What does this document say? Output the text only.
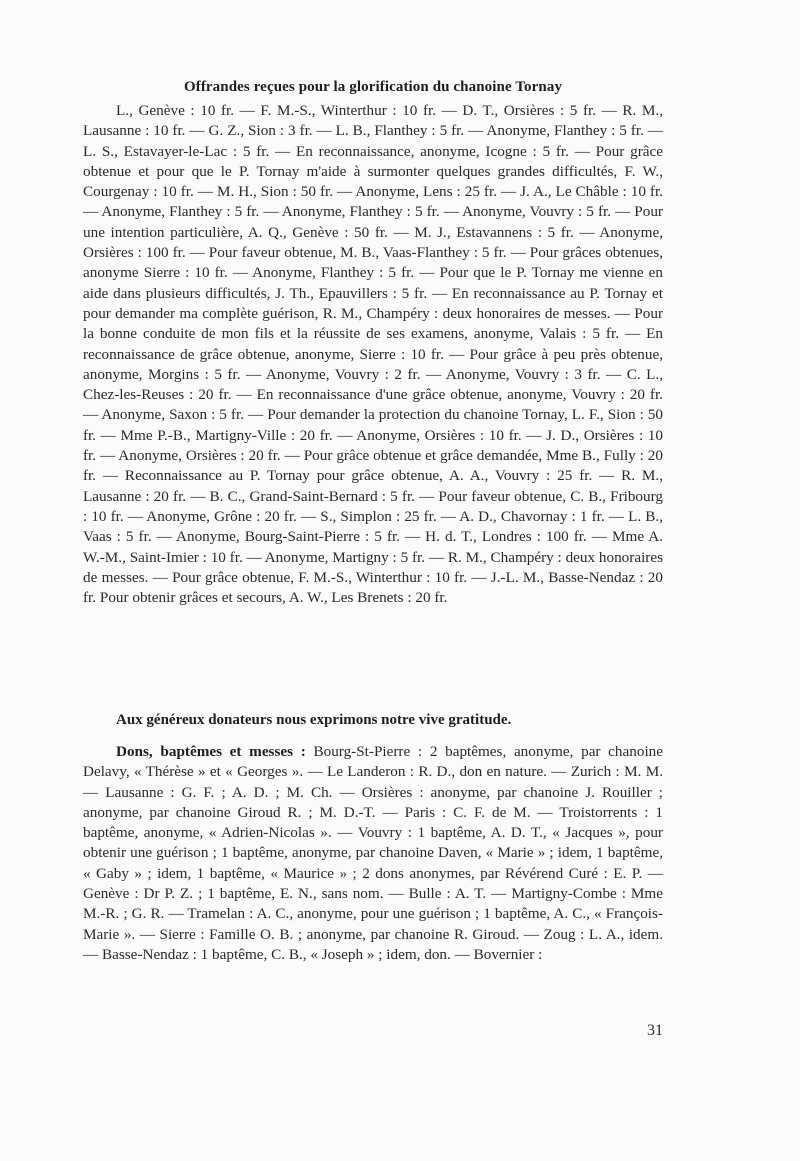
Offrandes reçues pour la glorification du chanoine Tornay

L., Genève : 10 fr. — F. M.-S., Winterthur : 10 fr. — D. T., Orsières : 5 fr. — R. M., Lausanne : 10 fr. — G. Z., Sion : 3 fr. — L. B., Flanthey : 5 fr. — Anonyme, Flanthey : 5 fr. — L. S., Estavayer-le-Lac : 5 fr. — En reconnaissance, anonyme, Icogne : 5 fr. — Pour grâce obtenue et pour que le P. Tornay m'aide à surmonter quelques grandes difficultés, F. W., Courgenay : 10 fr. — M. H., Sion : 50 fr. — Anonyme, Lens : 25 fr. — J. A., Le Châble : 10 fr. — Anonyme, Flanthey : 5 fr. — Anonyme, Flanthey : 5 fr. — Anonyme, Vouvry : 5 fr. — Pour une intention particulière, A. Q., Genève : 50 fr. — M. J., Estavannens : 5 fr. — Anonyme, Orsières : 100 fr. — Pour faveur obtenue, M. B., Vaas-Flanthey : 5 fr. — Pour grâces obtenues, anonyme Sierre : 10 fr. — Anonyme, Flanthey : 5 fr. — Pour que le P. Tornay me vienne en aide dans plusieurs difficultés, J. Th., Epauvillers : 5 fr. — En reconnaissance au P. Tornay et pour demander ma complète guérison, R. M., Champéry : deux honoraires de messes. — Pour la bonne conduite de mon fils et la réussite de ses examens, anonyme, Valais : 5 fr. — En reconnaissance de grâce obtenue, anonyme, Sierre : 10 fr. — Pour grâce à peu près obtenue, anonyme, Morgins : 5 fr. — Anonyme, Vouvry : 2 fr. — Anonyme, Vouvry : 3 fr. — C. L., Chez-les-Reuses : 20 fr. — En reconnaissance d'une grâce obtenue, anonyme, Vouvry : 20 fr. — Anonyme, Saxon : 5 fr. — Pour demander la protection du chanoine Tornay, L. F., Sion : 50 fr. — Mme P.-B., Martigny-Ville : 20 fr. — Anonyme, Orsières : 10 fr. — J. D., Orsières : 10 fr. — Anonyme, Orsières : 20 fr. — Pour grâce obtenue et grâce demandée, Mme B., Fully : 20 fr. — Reconnaissance au P. Tornay pour grâce obtenue, A. A., Vouvry : 25 fr. — R. M., Lausanne : 20 fr. — B. C., Grand-Saint-Bernard : 5 fr. — Pour faveur obtenue, C. B., Fribourg : 10 fr. — Anonyme, Grône : 20 fr. — S., Simplon : 25 fr. — A. D., Chavornay : 1 fr. — L. B., Vaas : 5 fr. — Anonyme, Bourg-Saint-Pierre : 5 fr. — H. d. T., Londres : 100 fr. — Mme A. W.-M., Saint-Imier : 10 fr. — Anonyme, Martigny : 5 fr. — R. M., Champéry : deux honoraires de messes. — Pour grâce obtenue, F. M.-S., Winterthur : 10 fr. — J.-L. M., Basse-Nendaz : 20 fr. Pour obtenir grâces et secours, A. W., Les Brenets : 20 fr.

Aux généreux donateurs nous exprimons notre vive gratitude.

Dons, baptêmes et messes : Bourg-St-Pierre : 2 baptêmes, anonyme, par chanoine Delavy, « Thérèse » et « Georges ». — Le Landeron : R. D., don en nature. — Zurich : M. M. — Lausanne : G. F. ; A. D. ; M. Ch. — Orsières : anonyme, par chanoine J. Rouiller ; anonyme, par chanoine Giroud R. ; M. D.-T. — Paris : C. F. de M. — Troistorrents : 1 baptême, anonyme, « Adrien-Nicolas ». — Vouvry : 1 baptême, A. D. T., « Jacques », pour obtenir une guérison ; 1 baptême, anonyme, par chanoine Daven, « Marie » ; idem, 1 baptême, « Gaby » ; idem, 1 baptême, « Maurice » ; 2 dons anonymes, par Révérend Curé : E. P. — Genève : Dr P. Z. ; 1 baptême, E. N., sans nom. — Bulle : A. T. — Martigny-Combe : Mme M.-R. ; G. R. — Tramelan : A. C., anonyme, pour une guérison ; 1 baptême, A. C., « François-Marie ». — Sierre : Famille O. B. ; anonyme, par chanoine R. Giroud. — Zoug : L. A., idem. — Basse-Nendaz : 1 baptême, C. B., « Joseph » ; idem, don. — Bovernier :

31
